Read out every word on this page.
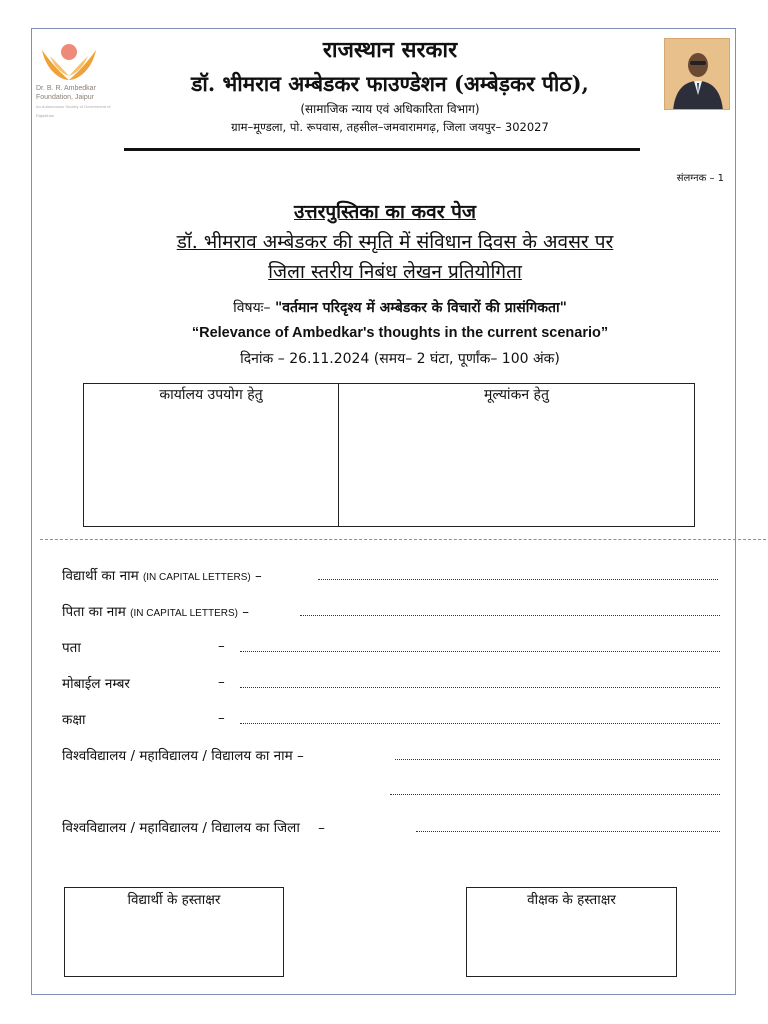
Dr. B. R. Ambedkar
Foundation, Jaipur
An Autonomous Society of Government of Rajasthan
राजस्थान सरकार
डॉ. भीमराव अम्बेडकर फाउण्डेशन (अम्बेड़कर पीठ),
(सामाजिक न्याय एवं अधिकारिता विभाग)
ग्राम–मूण्डला, पो. रूपवास, तहसील–जमवारामगढ़, जिला जयपुर– 302027
संलग्नक – 1
उत्तरपुस्तिका का कवर पेज
डॉ. भीमराव अम्बेडकर की स्मृति में संविधान दिवस के अवसर पर
जिला स्तरीय निबंध लेखन प्रतियोगिता
विषयः– "वर्तमान परिदृश्य में अम्बेडकर के विचारों की प्रासंगिकता"
“Relevance of Ambedkar's thoughts in the current scenario”
दिनांक – 26.11.2024 (समय– 2 घंटा, पूर्णांक– 100 अंक)
कार्यालय उपयोग हेतु	मूल्यांकन हेतु
विद्यार्थी का नाम (IN CAPITAL LETTERS) –
पिता का नाम (IN CAPITAL LETTERS) –
पता	–
मोबाईल नम्बर	–
कक्षा	–
विश्वविद्यालय / महाविद्यालय / विद्यालय का नाम –
विश्वविद्यालय / महाविद्यालय / विद्यालय का जिला –
विद्यार्थी के हस्ताक्षर	वीक्षक के हस्ताक्षर
